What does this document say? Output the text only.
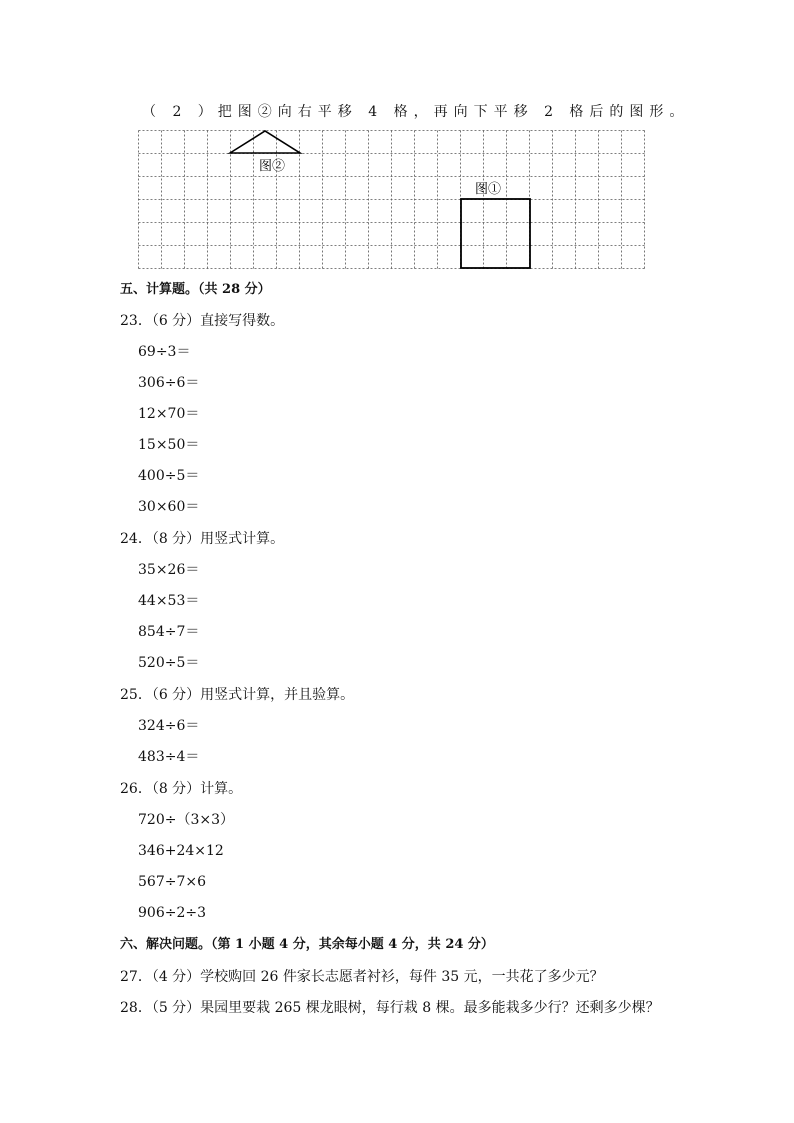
（ 2 ）把图②向右平移 4 格，再向下平移 2 格后的图形。
图②
图①
五、计算题。（共 28 分）
23．（6 分）直接写得数。
69÷3＝
306÷6＝
12×70＝
15×50＝
400÷5＝
30×60＝
24．（8 分）用竖式计算。
35×26＝
44×53＝
854÷7＝
520÷5＝
25．（6 分）用竖式计算，并且验算。
324÷6＝
483÷4＝
26．（8 分）计算。
720÷（3×3）
346+24×12
567÷7×6
906÷2÷3
六、解决问题。（第 1 小题 4 分，其余每小题 4 分，共 24 分）
27．（4 分）学校购回 26 件家长志愿者衬衫，每件 35 元，一共花了多少元？
28．（5 分）果园里要栽 265 棵龙眼树，每行栽 8 棵。最多能栽多少行？还剩多少棵？
